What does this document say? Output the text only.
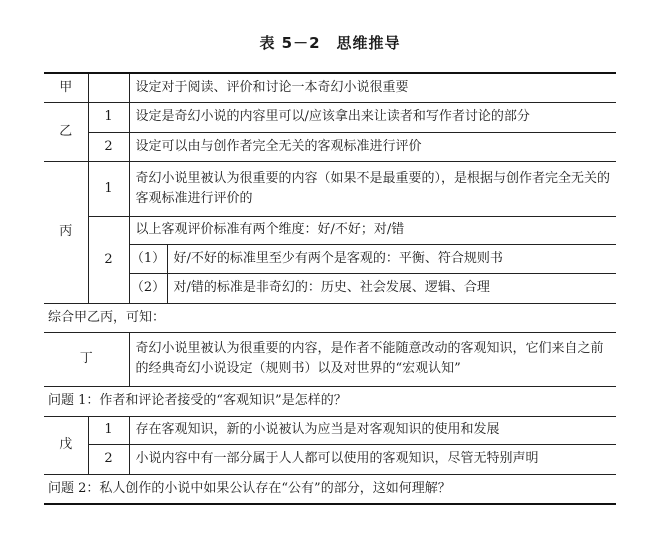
表 5－2　思维推导
甲		设定对于阅读、评价和讨论一本奇幻小说很重要	
乙	1	设定是奇幻小说的内容里可以/应该拿出来让读者和写作者讨论的部分	
	2	设定可以由与创作者完全无关的客观标准进行评价	
丙	1	奇幻小说里被认为很重要的内容（如果不是最重要的），是根据与创作者完全无关的客观标准进行评价的	
	2	以上客观评价标准有两个维度：好/不好；对/错	
		（1）	好/不好的标准里至少有两个是客观的：平衡、符合规则书
		（2）	对/错的标准是非奇幻的：历史、社会发展、逻辑、合理
综合甲乙丙，可知：			
丁		奇幻小说里被认为很重要的内容，是作者不能随意改动的客观知识，它们来自之前的经典奇幻小说设定（规则书）以及对世界的“宏观认知”	
问题 1：作者和评论者接受的“客观知识”是怎样的？			
戊	1	存在客观知识，新的小说被认为应当是对客观知识的使用和发展	
	2	小说内容中有一部分属于人人都可以使用的客观知识，尽管无特别声明	
问题 2：私人创作的小说中如果公认存在“公有”的部分，这如何理解？			
